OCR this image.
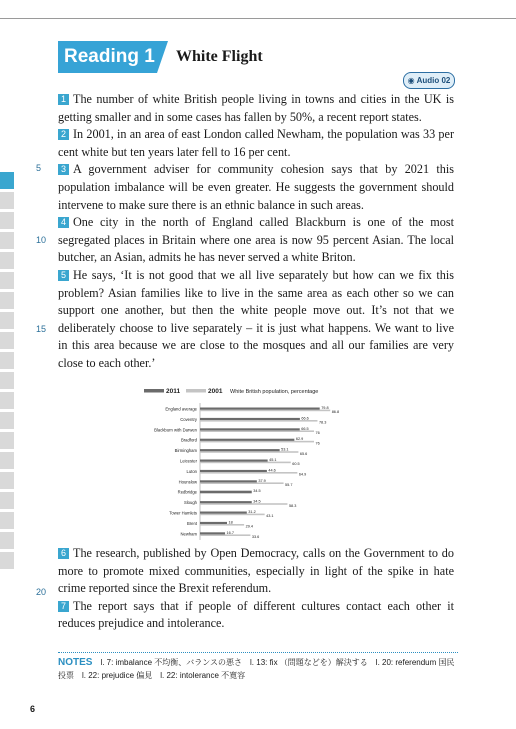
Reading 1 White Flight
◉ Audio 02
5
10
15
20

1 The number of white British people living in towns and cities in the UK is getting smaller and in some cases has fallen by 50%, a recent report states.

2 In 2001, in an area of east London called Newham, the population was 33 per cent white but ten years later fell to 16 per cent.

3 A government adviser for community cohesion says that by 2021 this population imbalance will be even greater. He suggests the government should intervene to make sure there is an ethnic balance in such areas.

4 One city in the north of England called Blackburn is one of the most segregated places in Britain where one area is now 95 percent Asian. The local butcher, an Asian, admits he has never served a white Briton.

5 He says, ‘It is not good that we all live separately but how can we fix this problem? Asian families like to live in the same area as each other so we can support one another, but then the white people move out. It’s not that we deliberately choose to live separately – it is just what happens. We want to live in this area because we are close to the mosques and all our families are very close to each other.’

2011	2001 White British population, percentage
England average	79.8
86.8
Coventry	66.6
78.3
Blackburn with Darwen	66.5
76
Bradford	62.9
76
Birmingham	53.1
65.6
Leicester	45.1
60.5
Luton	44.6
64.9
Hounslow	37.9
55.7
Redbridge	34.5
Slough	34.5
58.3
Tower Hamlets	31.2
43.1
Brent	18
29.4
Newham	16.7
33.6

6 The research, published by Open Democracy, calls on the Government to do more to promote mixed communities, especially in light of the spike in hate crime reported since the Brexit referendum.

7 The report says that if people of different cultures contact each other it reduces prejudice and intolerance.

NOTES l. 7: imbalance 不均衡、バランスの悪さ　l. 13: fix （問題などを）解決する　l. 20: referendum 国民投票　l. 22: prejudice 偏見　l. 22: intolerance 不寛容
6
